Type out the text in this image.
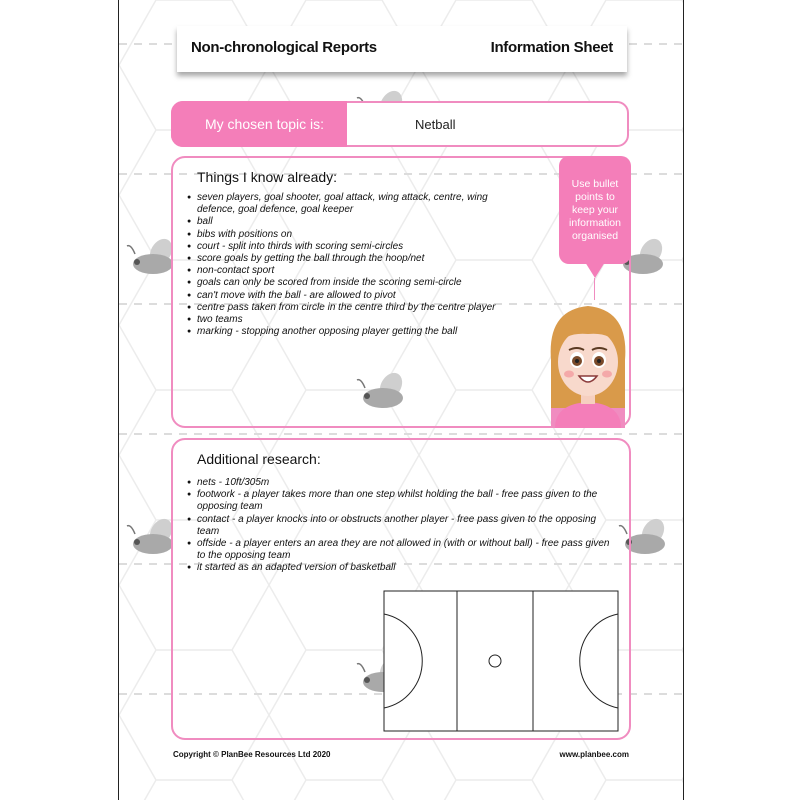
Non-chronological Reports	Information Sheet
My chosen topic is:	Netball
Things I know already:
● seven players, goal shooter, goal attack, wing attack, centre, wing defence, goal defence, goal keeper
● ball
● bibs with positions on
● court - split into thirds with scoring semi-circles
● score goals by getting the ball through the hoop/net
● non-contact sport
● goals can only be scored from inside the scoring semi-circle
● can't move with the ball - are allowed to pivot
● centre pass taken from circle in the centre third by the centre player
● two teams
● marking - stopping another opposing player getting the ball
Use bullet
points to
keep your
information
organised
Additional research:
● nets - 10ft/305m
● footwork - a player takes more than one step whilst holding the ball - free pass given to the opposing team
● contact - a player knocks into or obstructs another player - free pass given to the opposing team
● offside - a player enters an area they are not allowed in (with or without ball) - free pass given to the opposing team
● it started as an adapted version of basketball
Copyright © PlanBee Resources Ltd 2020	www.planbee.com
